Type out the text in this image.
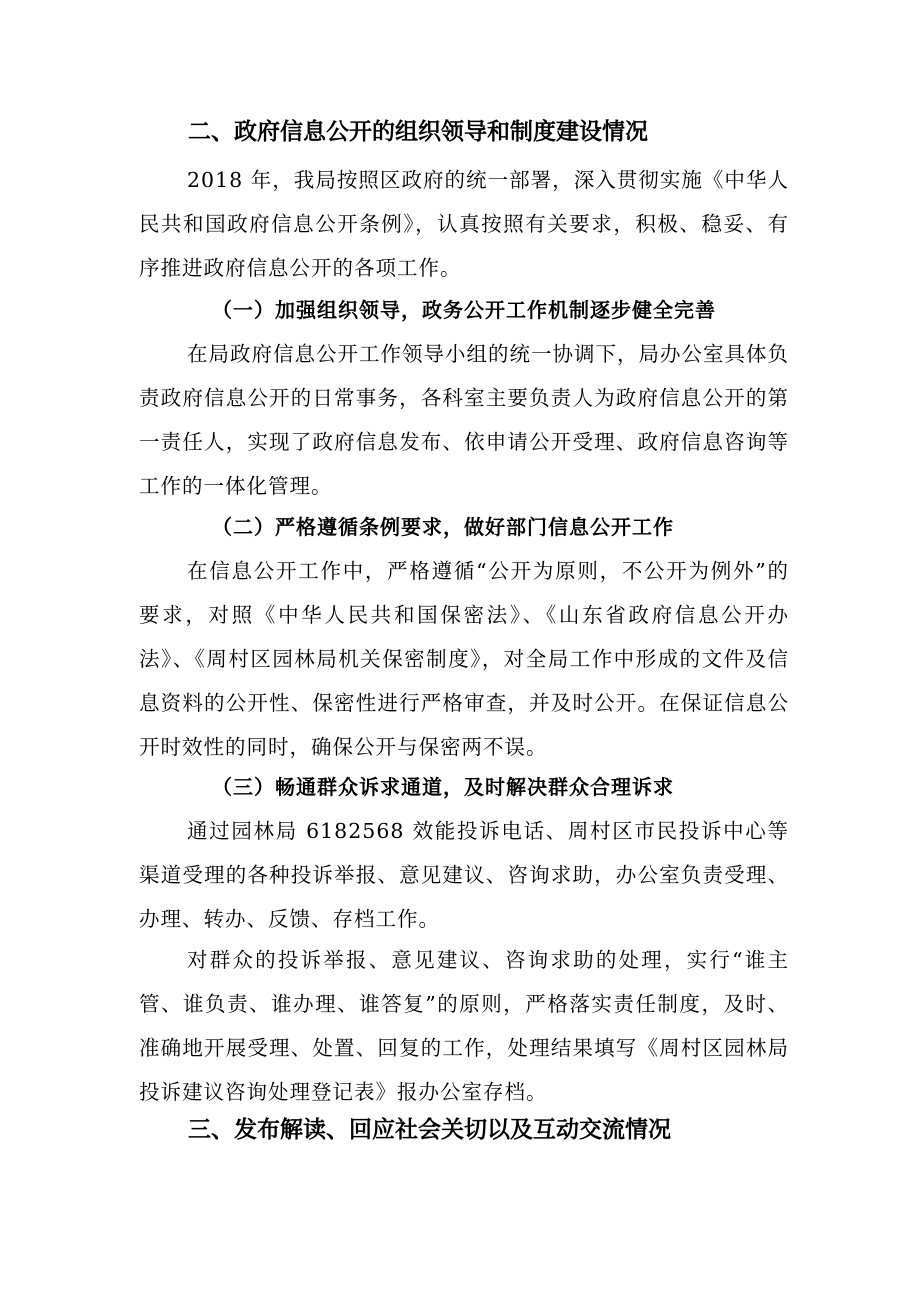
二、政府信息公开的组织领导和制度建设情况

2018 年，我局按照区政府的统一部署，深入贯彻实施《中华人民共和国政府信息公开条例》，认真按照有关要求，积极、稳妥、有序推进政府信息公开的各项工作。

（一）加强组织领导，政务公开工作机制逐步健全完善

在局政府信息公开工作领导小组的统一协调下，局办公室具体负责政府信息公开的日常事务，各科室主要负责人为政府信息公开的第一责任人，实现了政府信息发布、依申请公开受理、政府信息咨询等工作的一体化管理。

（二）严格遵循条例要求，做好部门信息公开工作

在信息公开工作中，严格遵循“公开为原则，不公开为例外”的要求，对照《中华人民共和国保密法》、《山东省政府信息公开办法》、《周村区园林局机关保密制度》，对全局工作中形成的文件及信息资料的公开性、保密性进行严格审查，并及时公开。在保证信息公开时效性的同时，确保公开与保密两不误。

（三）畅通群众诉求通道，及时解决群众合理诉求

通过园林局 6182568 效能投诉电话、周村区市民投诉中心等渠道受理的各种投诉举报、意见建议、咨询求助，办公室负责受理、办理、转办、反馈、存档工作。

对群众的投诉举报、意见建议、咨询求助的处理，实行“谁主管、谁负责、谁办理、谁答复”的原则，严格落实责任制度，及时、准确地开展受理、处置、回复的工作，处理结果填写《周村区园林局投诉建议咨询处理登记表》报办公室存档。

三、发布解读、回应社会关切以及互动交流情况
